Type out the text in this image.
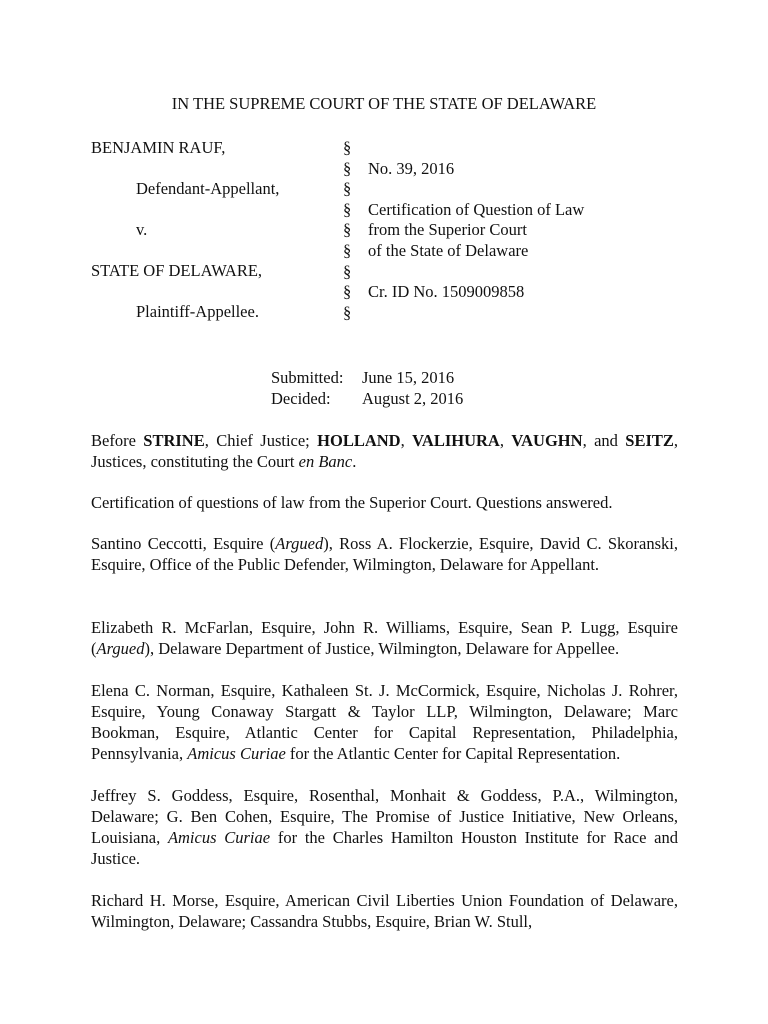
IN THE SUPREME COURT OF THE STATE OF DELAWARE
BENJAMIN RAUF,
Defendant-Appellant,
v.
STATE OF DELAWARE,
Plaintiff-Appellee.
§
§
§
§
§
§
§
§
§
No. 39, 2016
Certification of Question of Law
from the Superior Court
of the State of Delaware
Cr. ID No. 1509009858
Submitted: June 15, 2016
Decided: August 2, 2016
Before STRINE, Chief Justice; HOLLAND, VALIHURA, VAUGHN, and SEITZ, Justices, constituting the Court en Banc.
Certification of questions of law from the Superior Court. Questions answered.
Santino Ceccotti, Esquire (Argued), Ross A. Flockerzie, Esquire, David C. Skoranski, Esquire, Office of the Public Defender, Wilmington, Delaware for Appellant.
Elizabeth R. McFarlan, Esquire, John R. Williams, Esquire, Sean P. Lugg, Esquire (Argued), Delaware Department of Justice, Wilmington, Delaware for Appellee.
Elena C. Norman, Esquire, Kathaleen St. J. McCormick, Esquire, Nicholas J. Rohrer, Esquire, Young Conaway Stargatt & Taylor LLP, Wilmington, Delaware; Marc Bookman, Esquire, Atlantic Center for Capital Representation, Philadelphia, Pennsylvania, Amicus Curiae for the Atlantic Center for Capital Representation.
Jeffrey S. Goddess, Esquire, Rosenthal, Monhait & Goddess, P.A., Wilmington, Delaware; G. Ben Cohen, Esquire, The Promise of Justice Initiative, New Orleans, Louisiana, Amicus Curiae for the Charles Hamilton Houston Institute for Race and Justice.
Richard H. Morse, Esquire, American Civil Liberties Union Foundation of Delaware, Wilmington, Delaware; Cassandra Stubbs, Esquire, Brian W. Stull,
